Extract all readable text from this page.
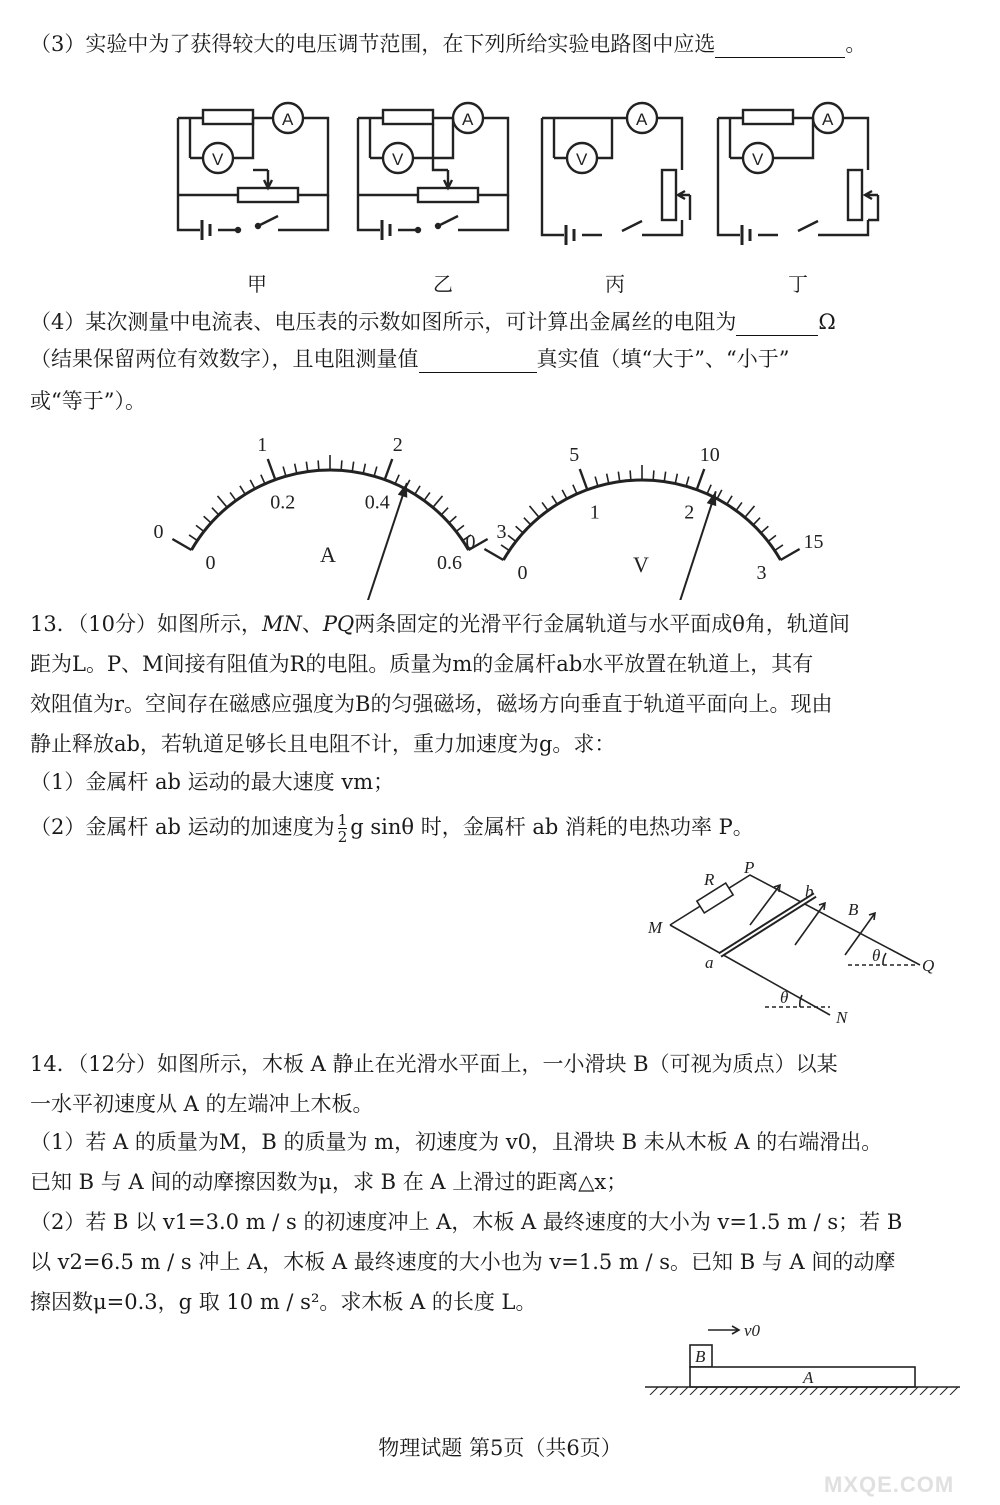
（3）实验中为了获得较大的电压调节范围，在下列所给实验电路图中应选	。
A
V
A
V
A
V
A
V
甲	乙	丙	丁
（4）某次测量中电流表、电压表的示数如图所示，可计算出金属丝的电阻为	Ω
（结果保留两位有效数字），且电阻测量值	真实值（填“大于”、“小于”
或“等于”）。
0
1	2
3
0
0.2	0.4
0.6
A	0
5	10
15
0
1	2
3
V
13．（10分）如图所示，MN、PQ两条固定的光滑平行金属轨道与水平面成θ角，轨道间
距为L。P、M间接有阻值为R的电阻。质量为m的金属杆ab水平放置在轨道上，其有
效阻值为r。空间存在磁感应强度为B的匀强磁场，磁场方向垂直于轨道平面向上。现由
静止释放ab，若轨道足够长且电阻不计，重力加速度为g。求：
（1）金属杆 ab 运动的最大速度 vm；
（2）金属杆 ab 运动的加速度为 $\frac{1}{2}$ g sinθ 时，金属杆 ab 消耗的电热功率 P。
R
P
b
B
M
a	θ
Q
θ
N
14．（12分）如图所示，木板 A 静止在光滑水平面上，一小滑块 B（可视为质点）以某
一水平初速度从 A 的左端冲上木板。
（1）若 A 的质量为M，B 的质量为 m，初速度为 v0，且滑块 B 未从木板 A 的右端滑出。
已知 B 与 A 间的动摩擦因数为μ，求 B 在 A 上滑过的距离△x；
（2）若 B 以 v1=3.0 m / s 的初速度冲上 A，木板 A 最终速度的大小为 v=1.5 m / s；若 B
以 v2=6.5 m / s 冲上 A，木板 A 最终速度的大小也为 v=1.5 m / s。已知 B 与 A 间的动摩
擦因数μ=0.3，g 取 10 m / s²。求木板 A 的长度 L。
v0
B
A
物理试题 第5页（共6页）
MXQE.COM
